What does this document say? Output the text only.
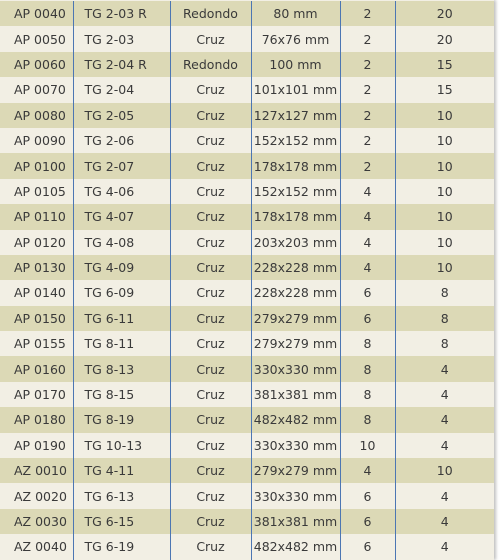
AP 0040	TG 2-03 R	Redondo	80 mm	2	20
AP 0050	TG 2-03	Cruz	76x76 mm	2	20
AP 0060	TG 2-04 R	Redondo	100 mm	2	15
AP 0070	TG 2-04	Cruz	101x101 mm	2	15
AP 0080	TG 2-05	Cruz	127x127 mm	2	10
AP 0090	TG 2-06	Cruz	152x152 mm	2	10
AP 0100	TG 2-07	Cruz	178x178 mm	2	10
AP 0105	TG 4-06	Cruz	152x152 mm	4	10
AP 0110	TG 4-07	Cruz	178x178 mm	4	10
AP 0120	TG 4-08	Cruz	203x203 mm	4	10
AP 0130	TG 4-09	Cruz	228x228 mm	4	10
AP 0140	TG 6-09	Cruz	228x228 mm	6	8
AP 0150	TG 6-11	Cruz	279x279 mm	6	8
AP 0155	TG 8-11	Cruz	279x279 mm	8	8
AP 0160	TG 8-13	Cruz	330x330 mm	8	4
AP 0170	TG 8-15	Cruz	381x381 mm	8	4
AP 0180	TG 8-19	Cruz	482x482 mm	8	4
AP 0190	TG 10-13	Cruz	330x330 mm	10	4
AZ 0010	TG 4-11	Cruz	279x279 mm	4	10
AZ 0020	TG 6-13	Cruz	330x330 mm	6	4
AZ 0030	TG 6-15	Cruz	381x381 mm	6	4
AZ 0040	TG 6-19	Cruz	482x482 mm	6	4
